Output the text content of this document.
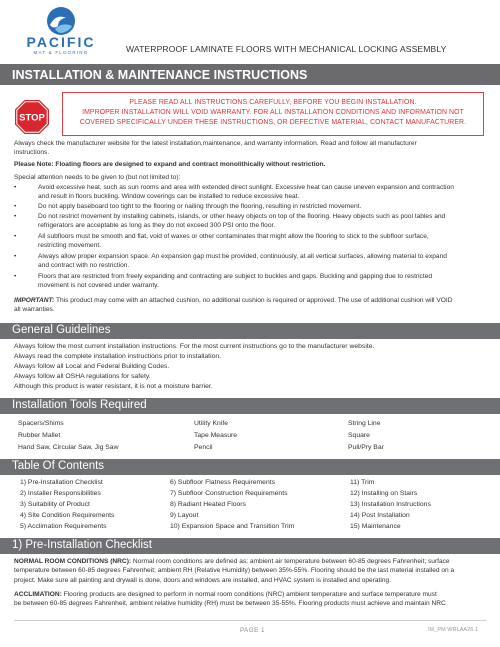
PACIFIC
MAT & FLOORING	WATERPROOF LAMINATE FLOORS WITH MECHANICAL LOCKING ASSEMBLY
INSTALLATION & MAINTENANCE INSTRUCTIONS
STOP
PLEASE READ ALL INSTRUCTIONS CAREFULLY, BEFORE YOU BEGIN INSTALLATION.
IMPROPER INSTALLATION WILL VOID WARRANTY. FOR ALL INSTALLATION CONDITIONS AND INFORMATION NOT
COVERED SPECIFICALLY UNDER THESE INSTRUCTIONS, OR DEFECTIVE MATERIAL, CONTACT MANUFACTURER.
Always check the manufacturer website for the latest installation,maintenance, and warranty information. Read and follow all manufacturer
instructions.
Please Note: Floating floors are designed to expand and contract monolithically without restriction.
Special attention needs to be given to (but not limited to):
•	Avoid excessive heat, such as sun rooms and area with extended direct sunlight. Excessive heat can cause uneven expansion and contraction
and result in floors buckling. Window coverings can be installed to reduce excessive heat.
•	Do not apply baseboard too tight to the flooring or nailing through the flooring, resulting in restricted movement.
•	Do not restrict movement by installing cabinets, islands, or other heavy objects on top of the flooring. Heavy objects such as pool tables and
refrigerators are acceptable as long as they do not exceed 300 PSI onto the floor.
•	All subfloors must be smooth and flat, void of waxes or other contaminates that might allow the flooring to stick to the subfloor surface,
restricting movement.
•	Always allow proper expansion space. An expansion gap must be provided, continuously, at all vertical surfaces, allowing material to expand
and contract with no restriction.
•	Floors that are restricted from freely expanding and contracting are subject to buckles and gaps. Buckling and gapping due to restricted
movement is not covered under warranty.
IMPORTANT: This product may come with an attached cushion, no additional cushion is required or approved. The use of additional cushion will VOID
all warranties.
General Guidelines
Always follow the most current installation instructions. For the most current instructions go to the manufacturer website.
Always read the complete installation instructions prior to installation.
Always follow all Local and Federal Building Codes.
Always follow all OSHA regulations for safety.
Although this product is water resistant, it is not a moisture barrier.
Installation Tools Required
Spacers/Shims	Utility Knife	String Line
Rubber Mallet	Tape Measure	Square
Hand Saw, Circular Saw, Jig Saw	Pencil	Pull/Pry Bar
Table Of Contents
1) Pre-Installation Checklist	6) Subfloor Flatness Requirements	11) Trim
2) Installer Responsibilities	7) Subfloor Construction Requirements	12) Installing on Stairs
3) Suitability of Product	8) Radiant Heated Floors	13) Installation Instructions
4) Site Condition Requirements	9) Layout	14) Post Installation
5) Acclimation Requirements	10) Expansion Space and Transition Trim	15) Maintenance
1) Pre-Installation Checklist
NORMAL ROOM CONDITIONS (NRC): Normal room conditions are defined as; ambient air temperature between 60-85 degrees Fahrenheit; surface
temperature between 60-85 degrees Fahrenheit; ambient RH (Relative Humidity) between 35%-55%. Flooring should be the last material installed on a
project. Make sure all painting and drywall is done, doors and windows are installed, and HVAC system is installed and operating.
ACCLIMATION: Flooring products are designed to perform in normal room conditions (NRC) ambient temperature and surface temperature must
be between 60-85 degrees Fahrenheit, ambient relative humidity (RH) must be between 35-55%. Flooring products must achieve and maintain NRC
PAGE 1	IM_PM WRLAA26.1
